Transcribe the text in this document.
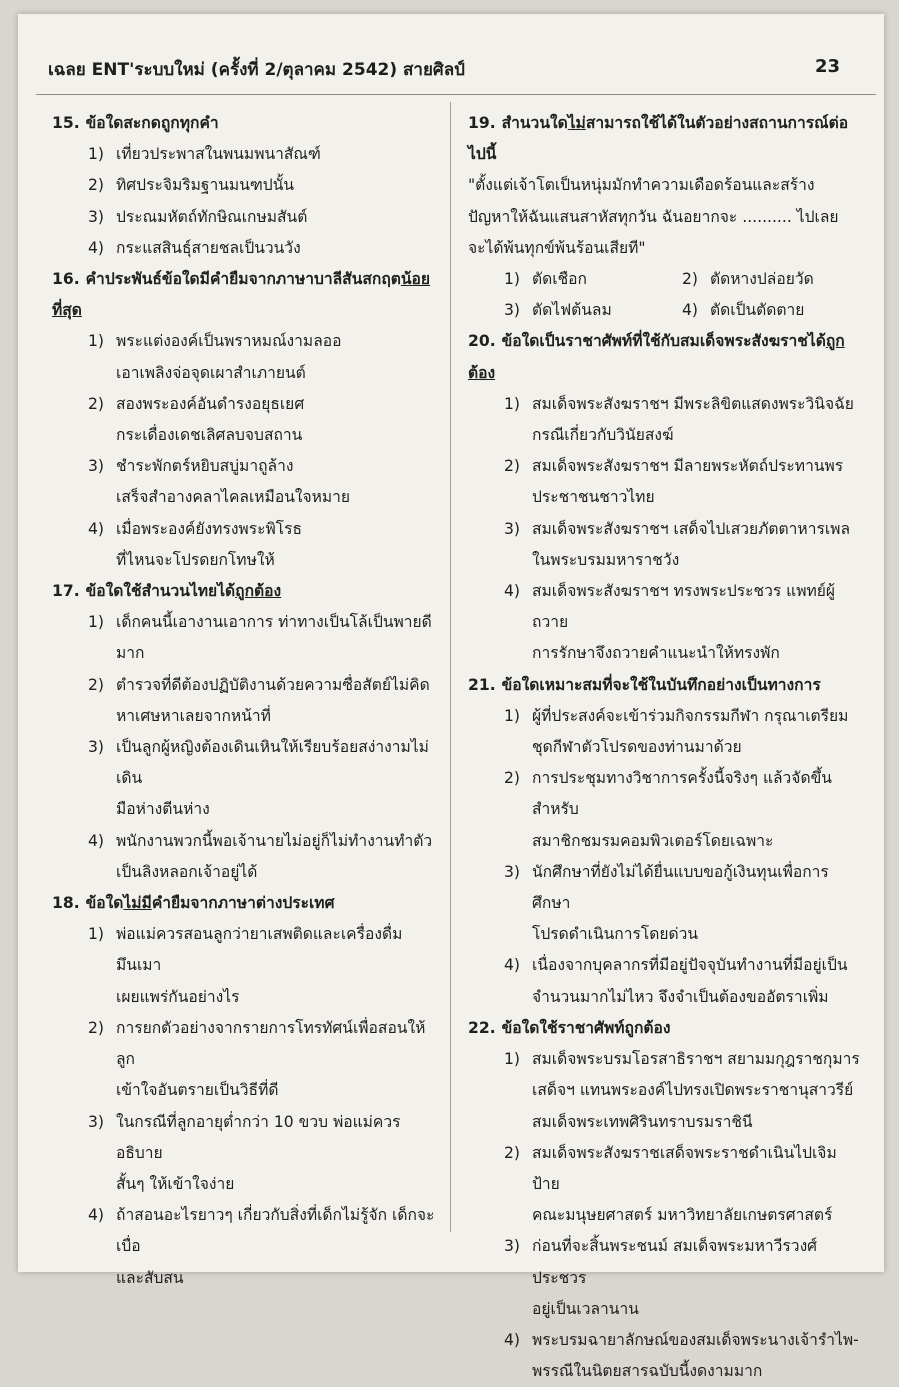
เฉลย ENT'ระบบใหม่ (ครั้งที่ 2/ตุลาคม 2542) สายศิลป์	23
15. ข้อใดสะกดถูกทุกคำ
1) เที่ยวประพาสในพนมพนาสัณฑ์
2) ทิศประจิมริมฐานมนฑปนั้น
3) ประณมหัตถ์ทักษิณเกษมสันต์
4) กระแสสินธุ์สายชลเป็นวนวัง
16. คำประพันธ์ข้อใดมีคำยืมจากภาษาบาลีสันสกฤตน้อยที่สุด
1) พระแต่งองค์เป็นพราหมณ์งามลออ
เอาเพลิงจ่อจุดเผาสำเภายนต์
2) สองพระองค์อันดำรงอยุธเยศ
กระเดื่องเดชเลิศลบจบสถาน
3) ชำระพักตร์หยิบสบู่มาถูล้าง
เสร็จสำอางคลาไคลเหมือนใจหมาย
4) เมื่อพระองค์ยังทรงพระพิโรธ
ที่ไหนจะโปรดยกโทษให้
17. ข้อใดใช้สำนวนไทยได้ถูกต้อง
1) เด็กคนนี้เอางานเอาการ ท่าทางเป็นโล้เป็นพายดีมาก
2) ตำรวจที่ดีต้องปฏิบัติงานด้วยความซื่อสัตย์ไม่คิด
หาเศษหาเลยจากหน้าที่
3) เป็นลูกผู้หญิงต้องเดินเหินให้เรียบร้อยสง่างามไม่เดิน
มือห่างตีนห่าง
4) พนักงานพวกนี้พอเจ้านายไม่อยู่ก็ไม่ทำงานทำตัว
เป็นลิงหลอกเจ้าอยู่ได้
18. ข้อใดไม่มีคำยืมจากภาษาต่างประเทศ
1) พ่อแม่ควรสอนลูกว่ายาเสพติดและเครื่องดื่มมึนเมา
เผยแพร่กันอย่างไร
2) การยกตัวอย่างจากรายการโทรทัศน์เพื่อสอนให้ลูก
เข้าใจอันตรายเป็นวิธีที่ดี
3) ในกรณีที่ลูกอายุต่ำกว่า 10 ขวบ พ่อแม่ควรอธิบาย
สั้นๆ ให้เข้าใจง่าย
4) ถ้าสอนอะไรยาวๆ เกี่ยวกับสิ่งที่เด็กไม่รู้จัก เด็กจะเบื่อ
และสับสน
19. สำนวนใดไม่สามารถใช้ได้ในตัวอย่างสถานการณ์ต่อไปนี้
"ตั้งแต่เจ้าโตเป็นหนุ่มมักทำความเดือดร้อนและสร้าง
ปัญหาให้ฉันแสนสาหัสทุกวัน ฉันอยากจะ .......... ไปเลย
จะได้พ้นทุกข์พ้นร้อนเสียที"
1) ตัดเชือก	2) ตัดหางปล่อยวัด
3) ตัดไฟต้นลม	4) ตัดเป็นตัดตาย
20. ข้อใดเป็นราชาศัพท์ที่ใช้กับสมเด็จพระสังฆราชได้ถูกต้อง
1) สมเด็จพระสังฆราชฯ มีพระลิขิตแสดงพระวินิจฉัย
กรณีเกี่ยวกับวินัยสงฆ์
2) สมเด็จพระสังฆราชฯ มีลายพระหัตถ์ประทานพร
ประชาชนชาวไทย
3) สมเด็จพระสังฆราชฯ เสด็จไปเสวยภัตตาหารเพล
ในพระบรมมหาราชวัง
4) สมเด็จพระสังฆราชฯ ทรงพระประชวร แพทย์ผู้ถวาย
การรักษาจึงถวายคำแนะนำให้ทรงพัก
21. ข้อใดเหมาะสมที่จะใช้ในบันทึกอย่างเป็นทางการ
1) ผู้ที่ประสงค์จะเข้าร่วมกิจกรรมกีฬา กรุณาเตรียม
ชุดกีฬาตัวโปรดของท่านมาด้วย
2) การประชุมทางวิชาการครั้งนี้จริงๆ แล้วจัดขึ้นสำหรับ
สมาชิกชมรมคอมพิวเตอร์โดยเฉพาะ
3) นักศึกษาที่ยังไม่ได้ยื่นแบบขอกู้เงินทุนเพื่อการศึกษา
โปรดดำเนินการโดยด่วน
4) เนื่องจากบุคลากรที่มีอยู่ปัจจุบันทำงานที่มีอยู่เป็น
จำนวนมากไม่ไหว จึงจำเป็นต้องขออัตราเพิ่ม
22. ข้อใดใช้ราชาศัพท์ถูกต้อง
1) สมเด็จพระบรมโอรสาธิราชฯ สยามมกุฎราชกุมาร
เสด็จฯ แทนพระองค์ไปทรงเปิดพระราชานุสาวรีย์
สมเด็จพระเทพศิรินทราบรมราชินี
2) สมเด็จพระสังฆราชเสด็จพระราชดำเนินไปเจิมป้าย
คณะมนุษยศาสตร์ มหาวิทยาลัยเกษตรศาสตร์
3) ก่อนที่จะสิ้นพระชนม์ สมเด็จพระมหาวีรวงศ์ประชวร
อยู่เป็นเวลานาน
4) พระบรมฉายาลักษณ์ของสมเด็จพระนางเจ้ารำไพ-
พรรณีในนิตยสารฉบับนี้งดงามมาก
